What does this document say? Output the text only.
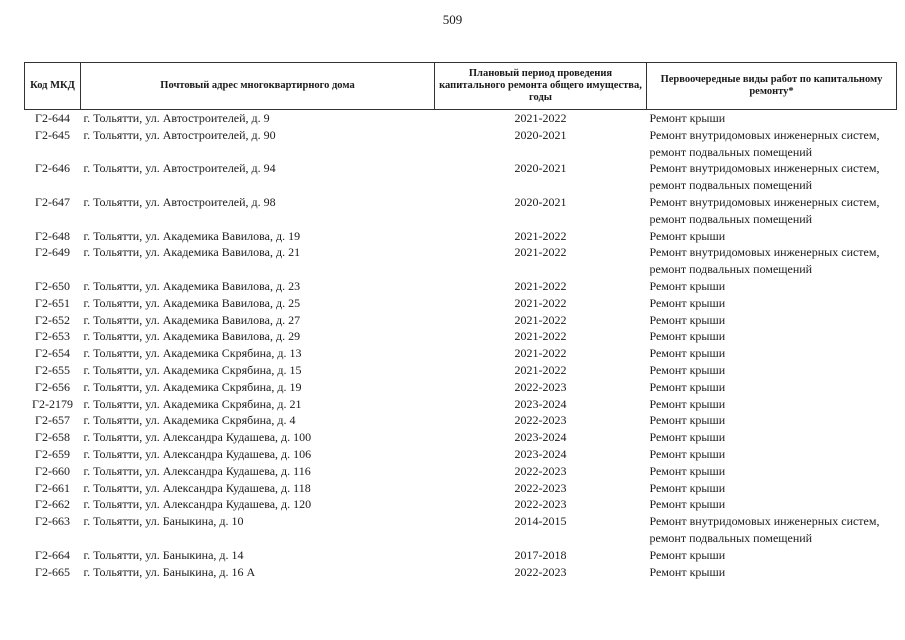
509
Код МКД	Почтовый адрес многоквартирного дома	Плановый период проведения капитального ремонта общего имущества, годы	Первоочередные виды работ по капитальному ремонту*
Г2-644	г. Тольятти, ул. Автостроителей, д. 9	2021-2022	Ремонт крыши
Г2-645	г. Тольятти, ул. Автостроителей, д. 90	2020-2021	Ремонт внутридомовых инженерных систем, ремонт подвальных помещений
Г2-646	г. Тольятти, ул. Автостроителей, д. 94	2020-2021	Ремонт внутридомовых инженерных систем, ремонт подвальных помещений
Г2-647	г. Тольятти, ул. Автостроителей, д. 98	2020-2021	Ремонт внутридомовых инженерных систем, ремонт подвальных помещений
Г2-648	г. Тольятти, ул. Академика Вавилова, д. 19	2021-2022	Ремонт крыши
Г2-649	г. Тольятти, ул. Академика Вавилова, д. 21	2021-2022	Ремонт внутридомовых инженерных систем, ремонт подвальных помещений
Г2-650	г. Тольятти, ул. Академика Вавилова, д. 23	2021-2022	Ремонт крыши
Г2-651	г. Тольятти, ул. Академика Вавилова, д. 25	2021-2022	Ремонт крыши
Г2-652	г. Тольятти, ул. Академика Вавилова, д. 27	2021-2022	Ремонт крыши
Г2-653	г. Тольятти, ул. Академика Вавилова, д. 29	2021-2022	Ремонт крыши
Г2-654	г. Тольятти, ул. Академика Скрябина, д. 13	2021-2022	Ремонт крыши
Г2-655	г. Тольятти, ул. Академика Скрябина, д. 15	2021-2022	Ремонт крыши
Г2-656	г. Тольятти, ул. Академика Скрябина, д. 19	2022-2023	Ремонт крыши
Г2-2179	г. Тольятти, ул. Академика Скрябина, д. 21	2023-2024	Ремонт крыши
Г2-657	г. Тольятти, ул. Академика Скрябина, д. 4	2022-2023	Ремонт крыши
Г2-658	г. Тольятти, ул. Александра Кудашева, д. 100	2023-2024	Ремонт крыши
Г2-659	г. Тольятти, ул. Александра Кудашева, д. 106	2023-2024	Ремонт крыши
Г2-660	г. Тольятти, ул. Александра Кудашева, д. 116	2022-2023	Ремонт крыши
Г2-661	г. Тольятти, ул. Александра Кудашева, д. 118	2022-2023	Ремонт крыши
Г2-662	г. Тольятти, ул. Александра Кудашева, д. 120	2022-2023	Ремонт крыши
Г2-663	г. Тольятти, ул. Баныкина, д. 10	2014-2015	Ремонт внутридомовых инженерных систем, ремонт подвальных помещений
Г2-664	г. Тольятти, ул. Баныкина, д. 14	2017-2018	Ремонт крыши
Г2-665	г. Тольятти, ул. Баныкина, д. 16 А	2022-2023	Ремонт крыши
